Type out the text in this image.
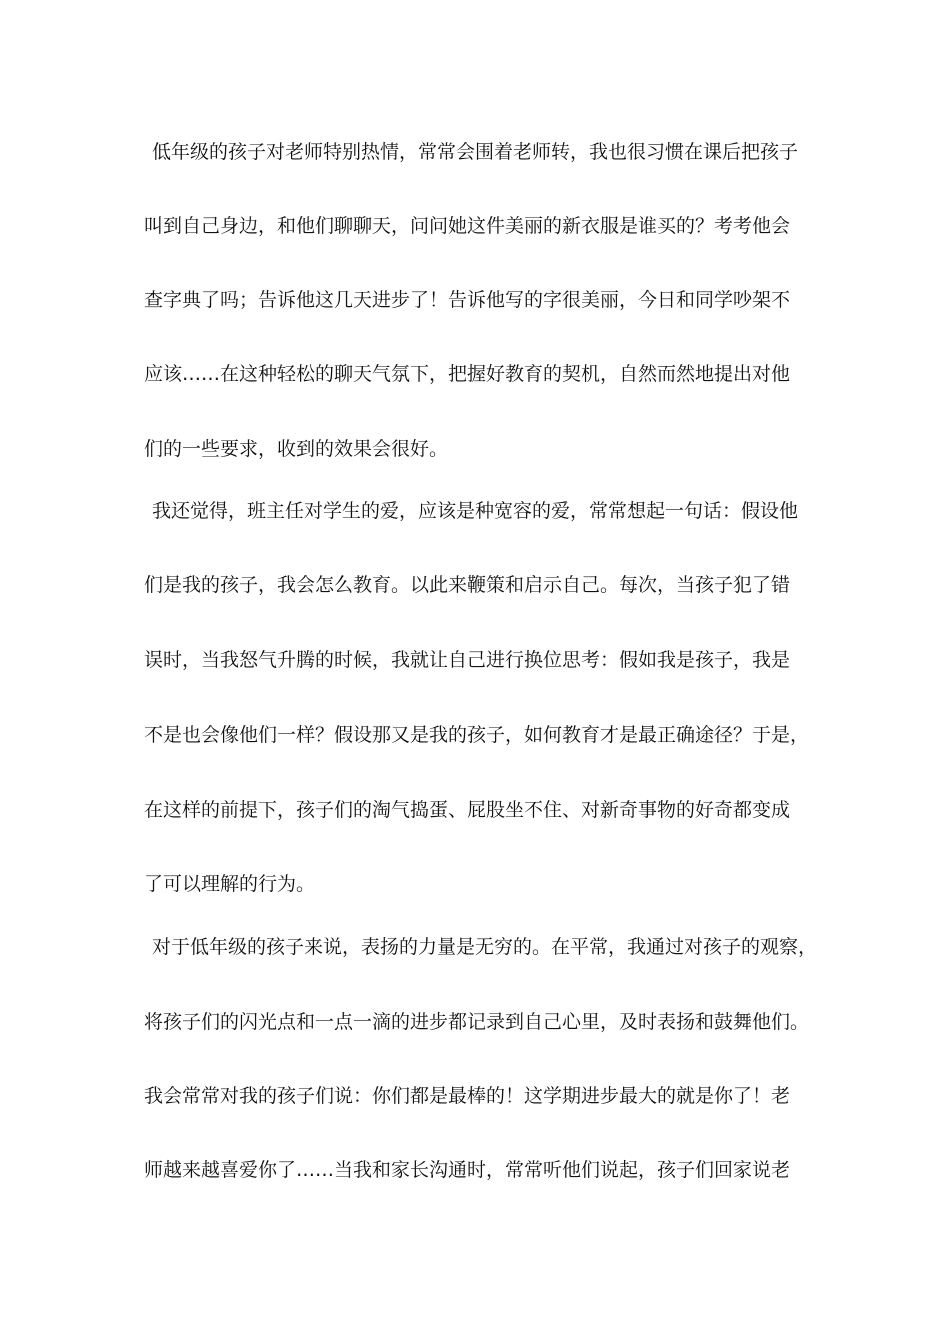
低年级的孩子对老师特别热情，常常会围着老师转，我也很习惯在课后把孩子
叫到自己身边，和他们聊聊天，问问她这件美丽的新衣服是谁买的？考考他会
查字典了吗；告诉他这几天进步了！告诉他写的字很美丽，今日和同学吵架不
应该……在这种轻松的聊天气氛下，把握好教育的契机，自然而然地提出对他
们的一些要求，收到的效果会很好。
我还觉得，班主任对学生的爱，应该是种宽容的爱，常常想起一句话：假设他
们是我的孩子，我会怎么教育。以此来鞭策和启示自己。每次，当孩子犯了错
误时，当我怒气升腾的时候，我就让自己进行换位思考：假如我是孩子，我是
不是也会像他们一样？假设那又是我的孩子，如何教育才是最正确途径？于是，
在这样的前提下，孩子们的淘气捣蛋、屁股坐不住、对新奇事物的好奇都变成
了可以理解的行为。
对于低年级的孩子来说，表扬的力量是无穷的。在平常，我通过对孩子的观察，
将孩子们的闪光点和一点一滴的进步都记录到自己心里，及时表扬和鼓舞他们。
我会常常对我的孩子们说：你们都是最棒的！这学期进步最大的就是你了！老
师越来越喜爱你了……当我和家长沟通时，常常听他们说起，孩子们回家说老
